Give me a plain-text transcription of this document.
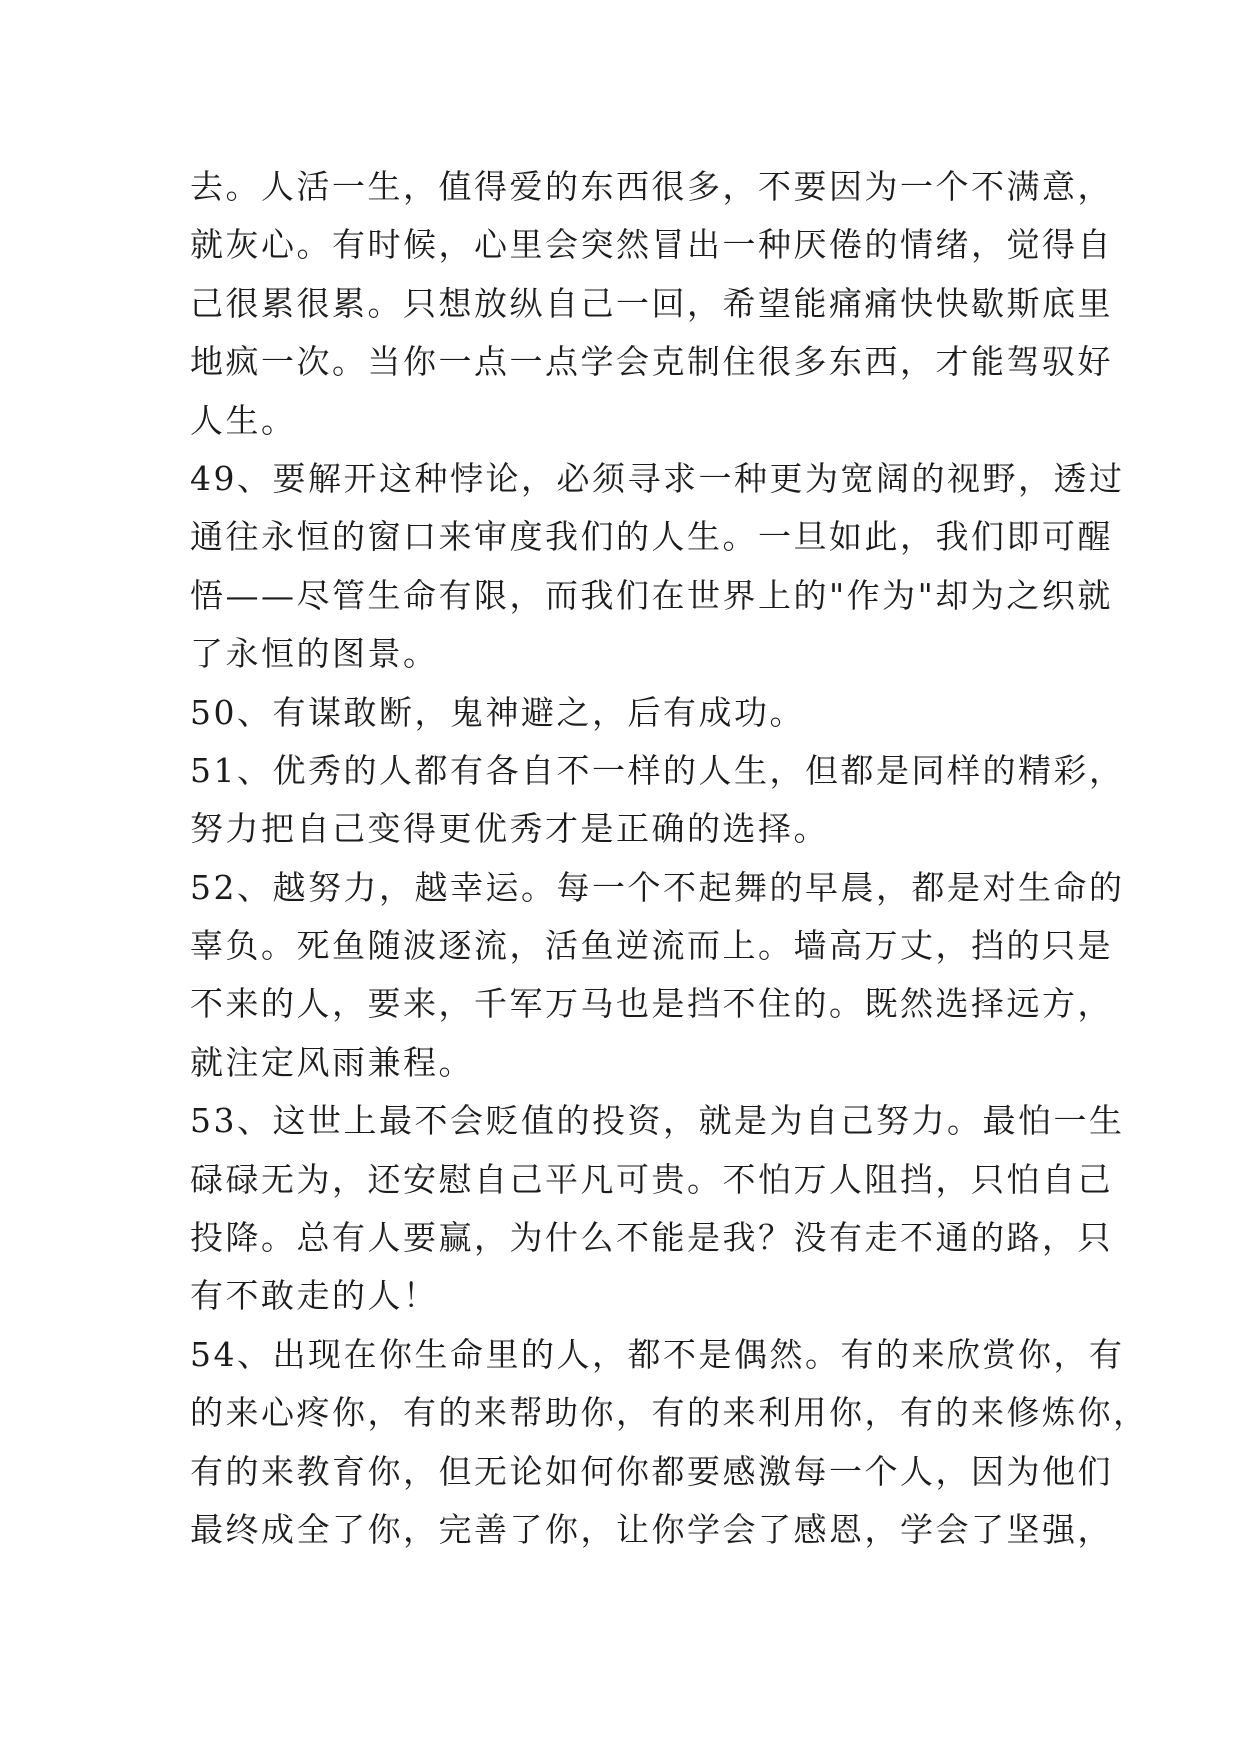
去。人活一生，值得爱的东西很多，不要因为一个不满意，
就灰心。有时候，心里会突然冒出一种厌倦的情绪，觉得自
己很累很累。只想放纵自己一回，希望能痛痛快快歇斯底里
地疯一次。当你一点一点学会克制住很多东西，才能驾驭好
人生。
49、要解开这种悖论，必须寻求一种更为宽阔的视野，透过
通往永恒的窗口来审度我们的人生。一旦如此，我们即可醒
悟——尽管生命有限，而我们在世界上的"作为"却为之织就
了永恒的图景。
50、有谋敢断，鬼神避之，后有成功。
51、优秀的人都有各自不一样的人生，但都是同样的精彩，
努力把自己变得更优秀才是正确的选择。
52、越努力，越幸运。每一个不起舞的早晨，都是对生命的
辜负。死鱼随波逐流，活鱼逆流而上。墙高万丈，挡的只是
不来的人，要来，千军万马也是挡不住的。既然选择远方，
就注定风雨兼程。
53、这世上最不会贬值的投资，就是为自己努力。最怕一生
碌碌无为，还安慰自己平凡可贵。不怕万人阻挡，只怕自己
投降。总有人要赢，为什么不能是我？没有走不通的路，只
有不敢走的人！
54、出现在你生命里的人，都不是偶然。有的来欣赏你，有
的来心疼你，有的来帮助你，有的来利用你，有的来修炼你，
有的来教育你，但无论如何你都要感激每一个人，因为他们
最终成全了你，完善了你，让你学会了感恩，学会了坚强，
